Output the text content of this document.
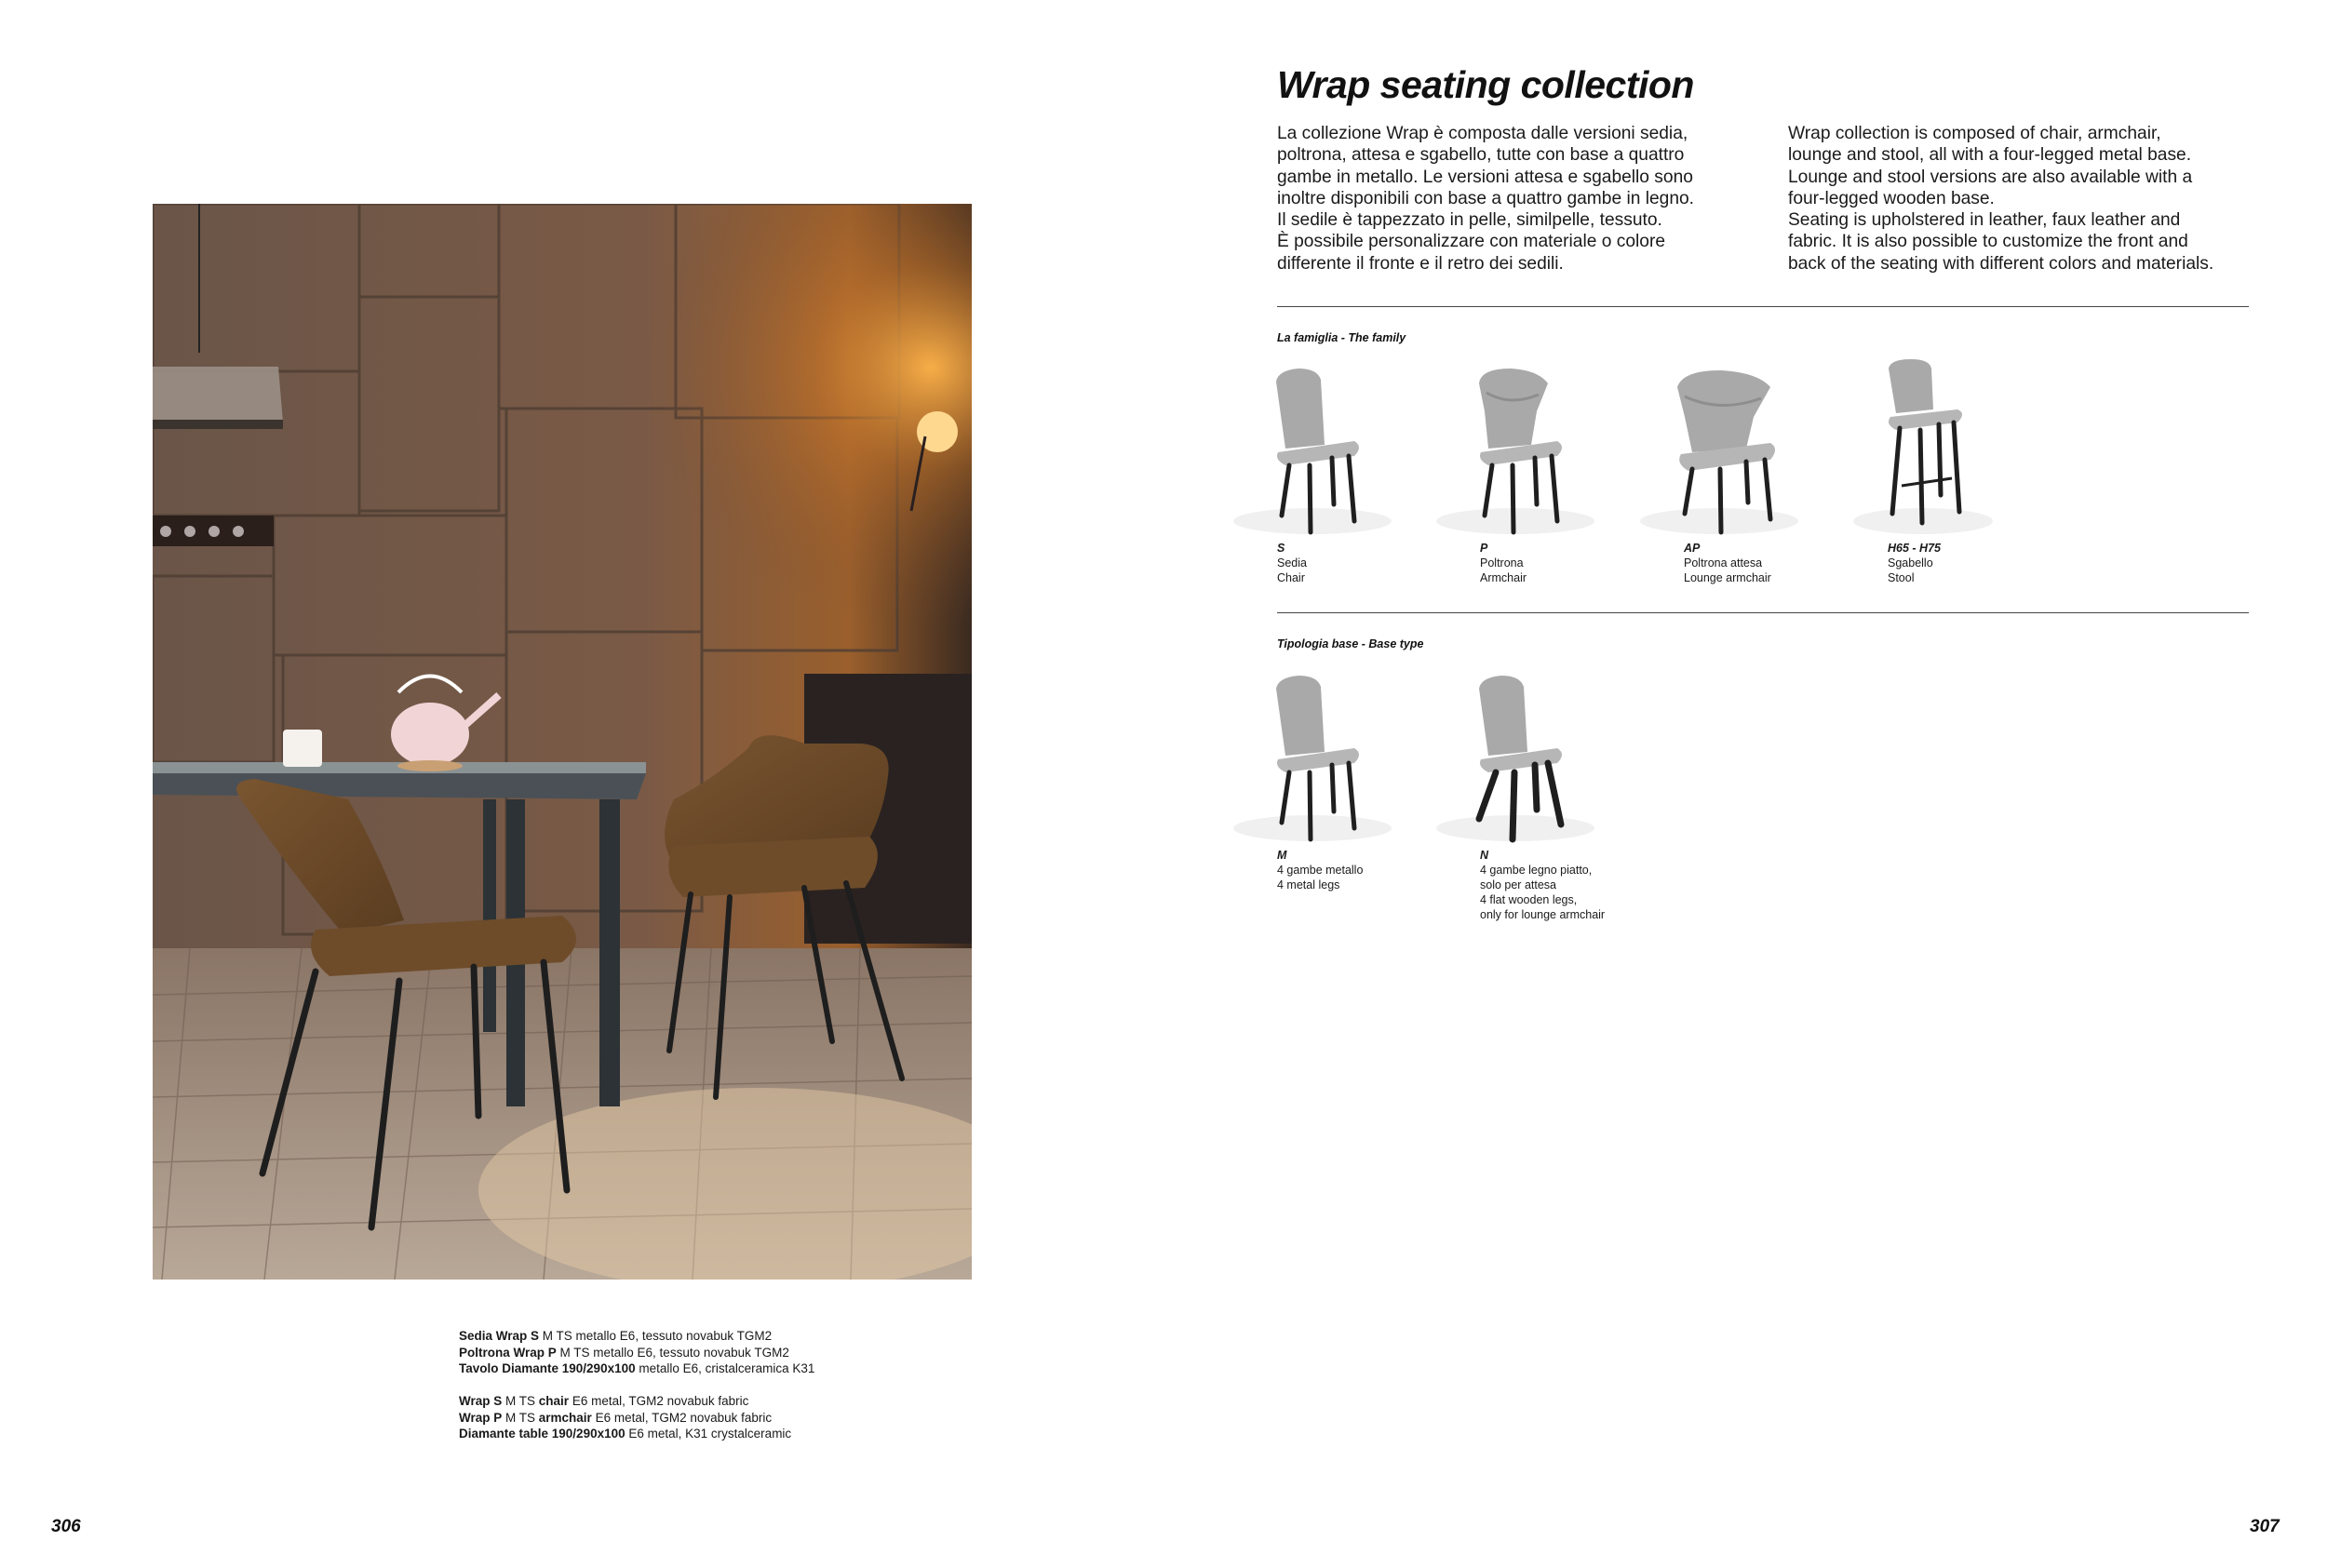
Sedia Wrap S M TS metallo E6, tessuto novabuk TGM2

Poltrona Wrap P M TS metallo E6, tessuto novabuk TGM2

Tavolo Diamante 190/290x100 metallo E6, cristalceramica K31

Wrap S M TS chair E6 metal, TGM2 novabuk fabric

Wrap P M TS armchair E6 metal, TGM2 novabuk fabric

Diamante table 190/290x100 E6 metal, K31 crystalceramic

306
Wrap seating collection

La collezione Wrap è composta dalle versioni sedia,

poltrona, attesa e sgabello, tutte con base a quattro

gambe in metallo. Le versioni attesa e sgabello sono

inoltre disponibili con base a quattro gambe in legno.

Il sedile è tappezzato in pelle, similpelle, tessuto.

È possibile personalizzare con materiale o colore

differente il fronte e il retro dei sedili.

Wrap collection is composed of chair, armchair,

lounge and stool, all with a four-legged metal base.

Lounge and stool versions are also available with a

four-legged wooden base.

Seating is upholstered in leather, faux leather and

fabric. It is also possible to customize the front and

back of the seating with different colors and materials.

La famiglia - The family
S
Sedia
Chair
P
Poltrona
Armchair
AP
Poltrona attesa
Lounge armchair
H65 - H75
Sgabello
Stool
Tipologia base - Base type
M
4 gambe metallo
4 metal legs
N
4 gambe legno piatto,
solo per attesa
4 flat wooden legs,
only for lounge armchair
307
